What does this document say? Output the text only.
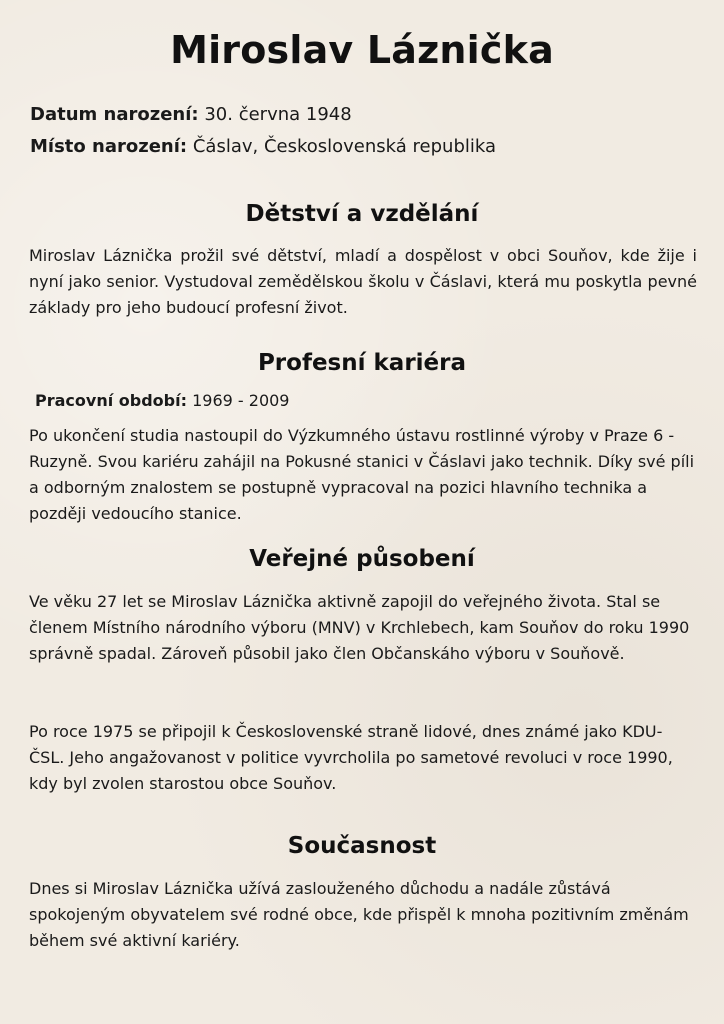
Miroslav Láznička
Datum narození: 30. června 1948
Místo narození: Čáslav, Československá republika
Dětství a vzdělání

Miroslav Láznička prožil své dětství, mladí a dospělost v obci Souňov, kde žije i nyní jako senior. Vystudoval zemědělskou školu v Čáslavi, která mu poskytla pevné základy pro jeho budoucí profesní život.

Profesní kariéra
Pracovní období: 1969 - 2009

Po ukončení studia nastoupil do Výzkumného ústavu rostlinné výroby v Praze 6 - Ruzyně. Svou kariéru zahájil na Pokusné stanici v Čáslavi jako technik. Díky své píli a odborným znalostem se postupně vypracoval na pozici hlavního technika a později vedoucího stanice.

Veřejné působení

Ve věku 27 let se Miroslav Láznička aktivně zapojil do veřejného života. Stal se členem Místního národního výboru (MNV) v Krchlebech, kam Souňov do roku 1990 správně spadal. Zároveň působil jako člen Občanskáho výboru v Souňově.

Po roce 1975 se připojil k Československé straně lidové, dnes známé jako KDU-ČSL. Jeho angažovanost v politice vyvrcholila po sametové revoluci v roce 1990, kdy byl zvolen starostou obce Souňov.

Současnost

Dnes si Miroslav Láznička užívá zaslouženého důchodu a nadále zůstává spokojeným obyvatelem své rodné obce, kde přispěl k mnoha pozitivním změnám během své aktivní kariéry.
